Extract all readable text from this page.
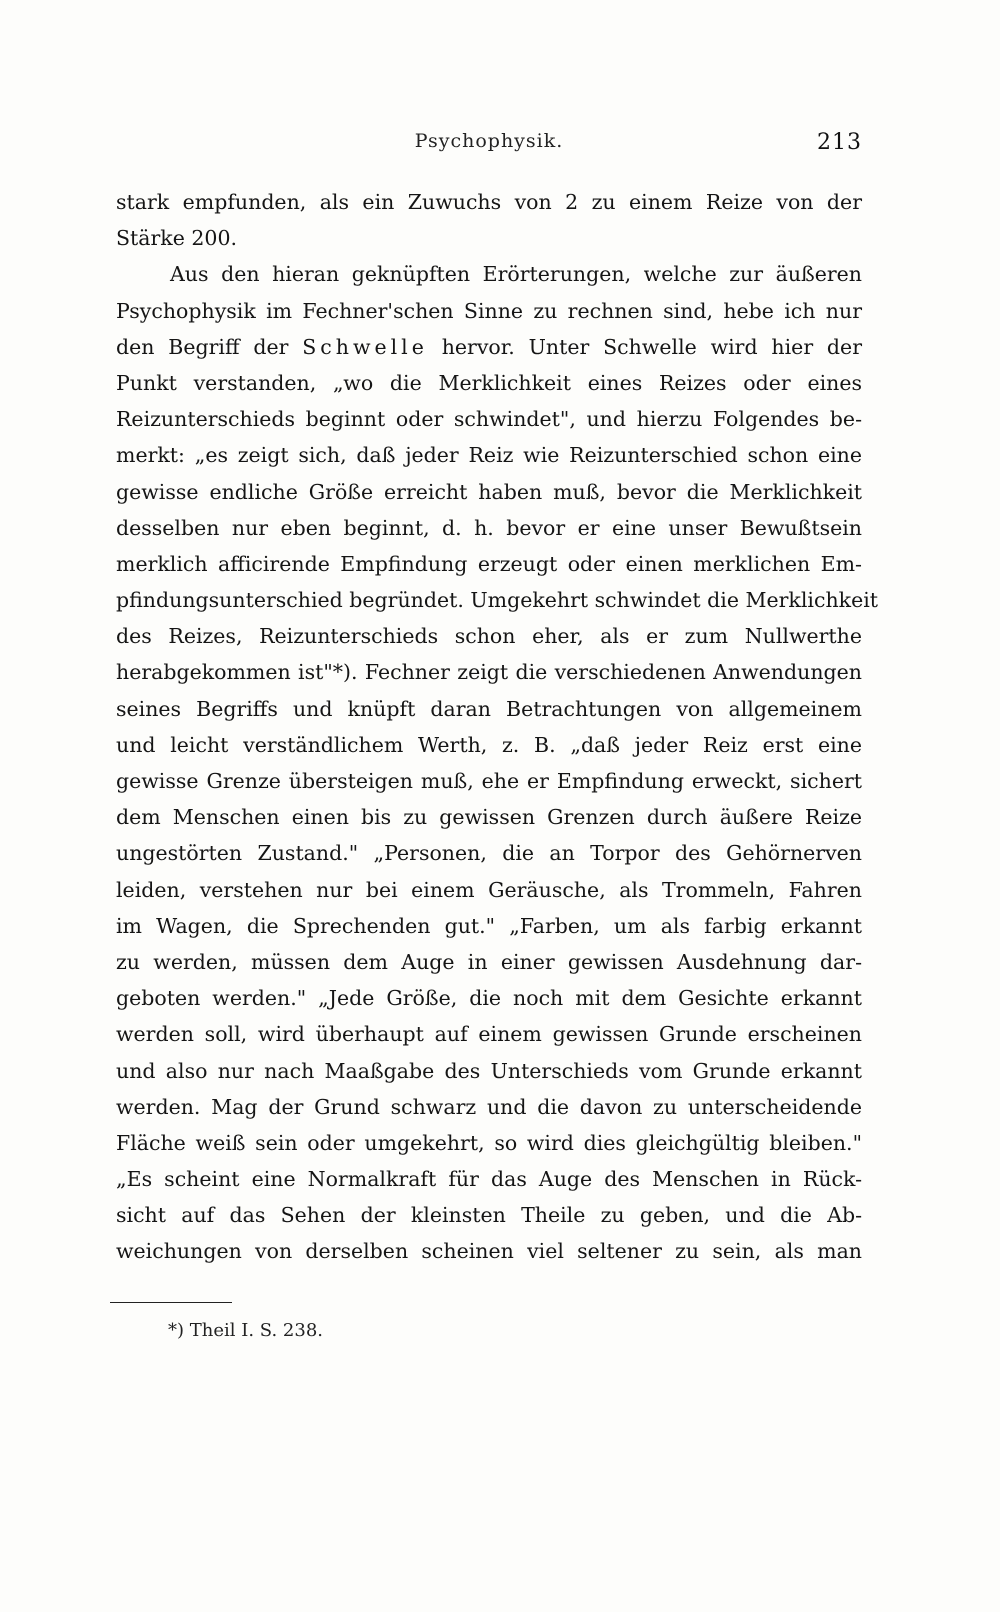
Psychophysik.	213
stark empfunden, als ein Zuwuchs von 2 zu einem Reize von der
Stärke 200.
Aus den hieran geknüpften Erörterungen, welche zur äußeren
Psychophysik im Fechner'schen Sinne zu rechnen sind, hebe ich nur
den Begriff der Schwelle hervor. Unter Schwelle wird hier der
Punkt verstanden, „wo die Merklichkeit eines Reizes oder eines
Reizunterschieds beginnt oder schwindet", und hierzu Folgendes be-
merkt: „es zeigt sich, daß jeder Reiz wie Reizunterschied schon eine
gewisse endliche Größe erreicht haben muß, bevor die Merklichkeit
desselben nur eben beginnt, d. h. bevor er eine unser Bewußtsein
merklich afficirende Empfindung erzeugt oder einen merklichen Em-
pfindungsunterschied begründet. Umgekehrt schwindet die Merklichkeit
des Reizes, Reizunterschieds schon eher, als er zum Nullwerthe
herabgekommen ist"*). Fechner zeigt die verschiedenen Anwendungen
seines Begriffs und knüpft daran Betrachtungen von allgemeinem
und leicht verständlichem Werth, z. B. „daß jeder Reiz erst eine
gewisse Grenze übersteigen muß, ehe er Empfindung erweckt, sichert
dem Menschen einen bis zu gewissen Grenzen durch äußere Reize
ungestörten Zustand." „Personen, die an Torpor des Gehörnerven
leiden, verstehen nur bei einem Geräusche, als Trommeln, Fahren
im Wagen, die Sprechenden gut." „Farben, um als farbig erkannt
zu werden, müssen dem Auge in einer gewissen Ausdehnung dar-
geboten werden." „Jede Größe, die noch mit dem Gesichte erkannt
werden soll, wird überhaupt auf einem gewissen Grunde erscheinen
und also nur nach Maaßgabe des Unterschieds vom Grunde erkannt
werden. Mag der Grund schwarz und die davon zu unterscheidende
Fläche weiß sein oder umgekehrt, so wird dies gleichgültig bleiben."
„Es scheint eine Normalkraft für das Auge des Menschen in Rück-
sicht auf das Sehen der kleinsten Theile zu geben, und die Ab-
weichungen von derselben scheinen viel seltener zu sein, als man
*) Theil I. S. 238.
